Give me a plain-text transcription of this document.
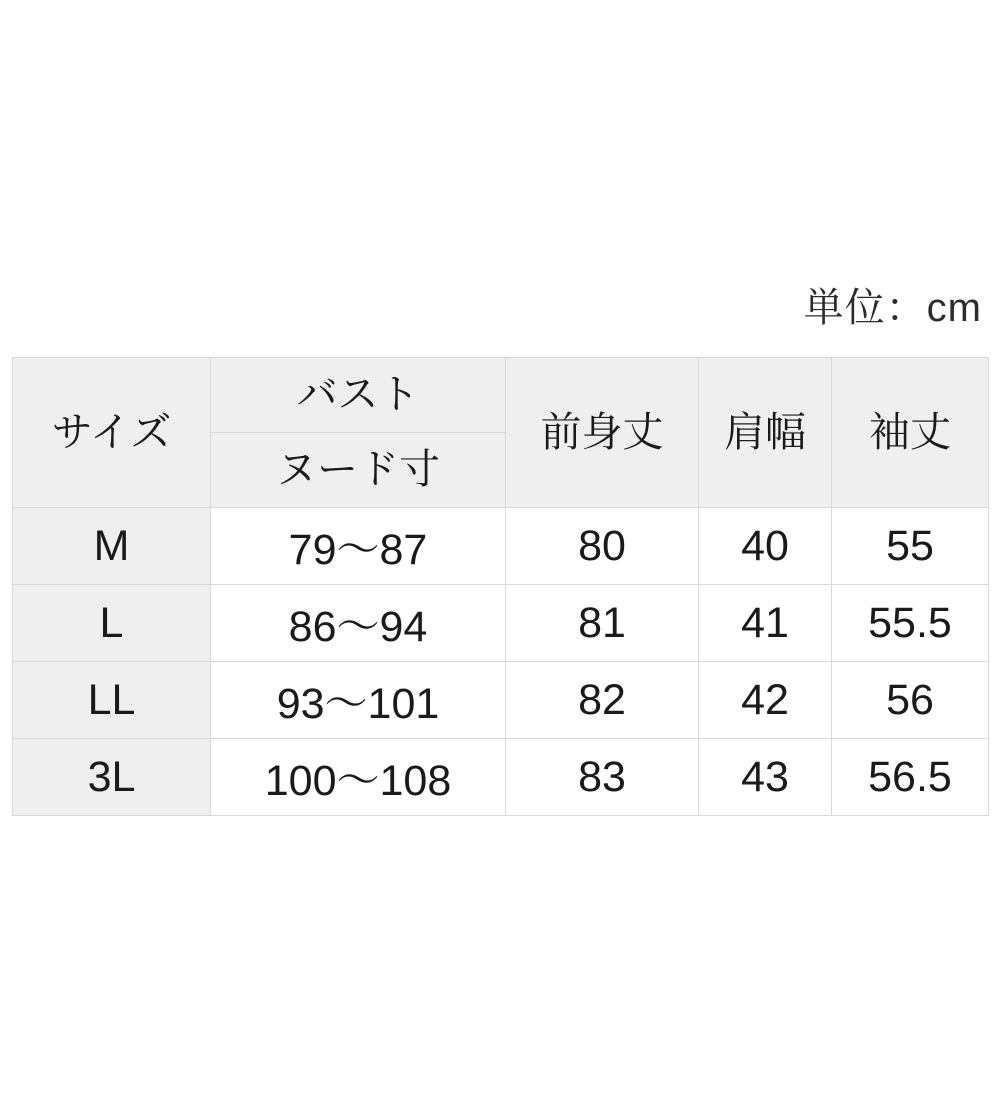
単位：cm
サイズ	バスト	前身丈	肩幅	袖丈
	ヌード寸			
M	79〜87	80	40	55
L	86〜94	81	41	55.5
LL	93〜101	82	42	56
3L	100〜108	83	43	56.5
